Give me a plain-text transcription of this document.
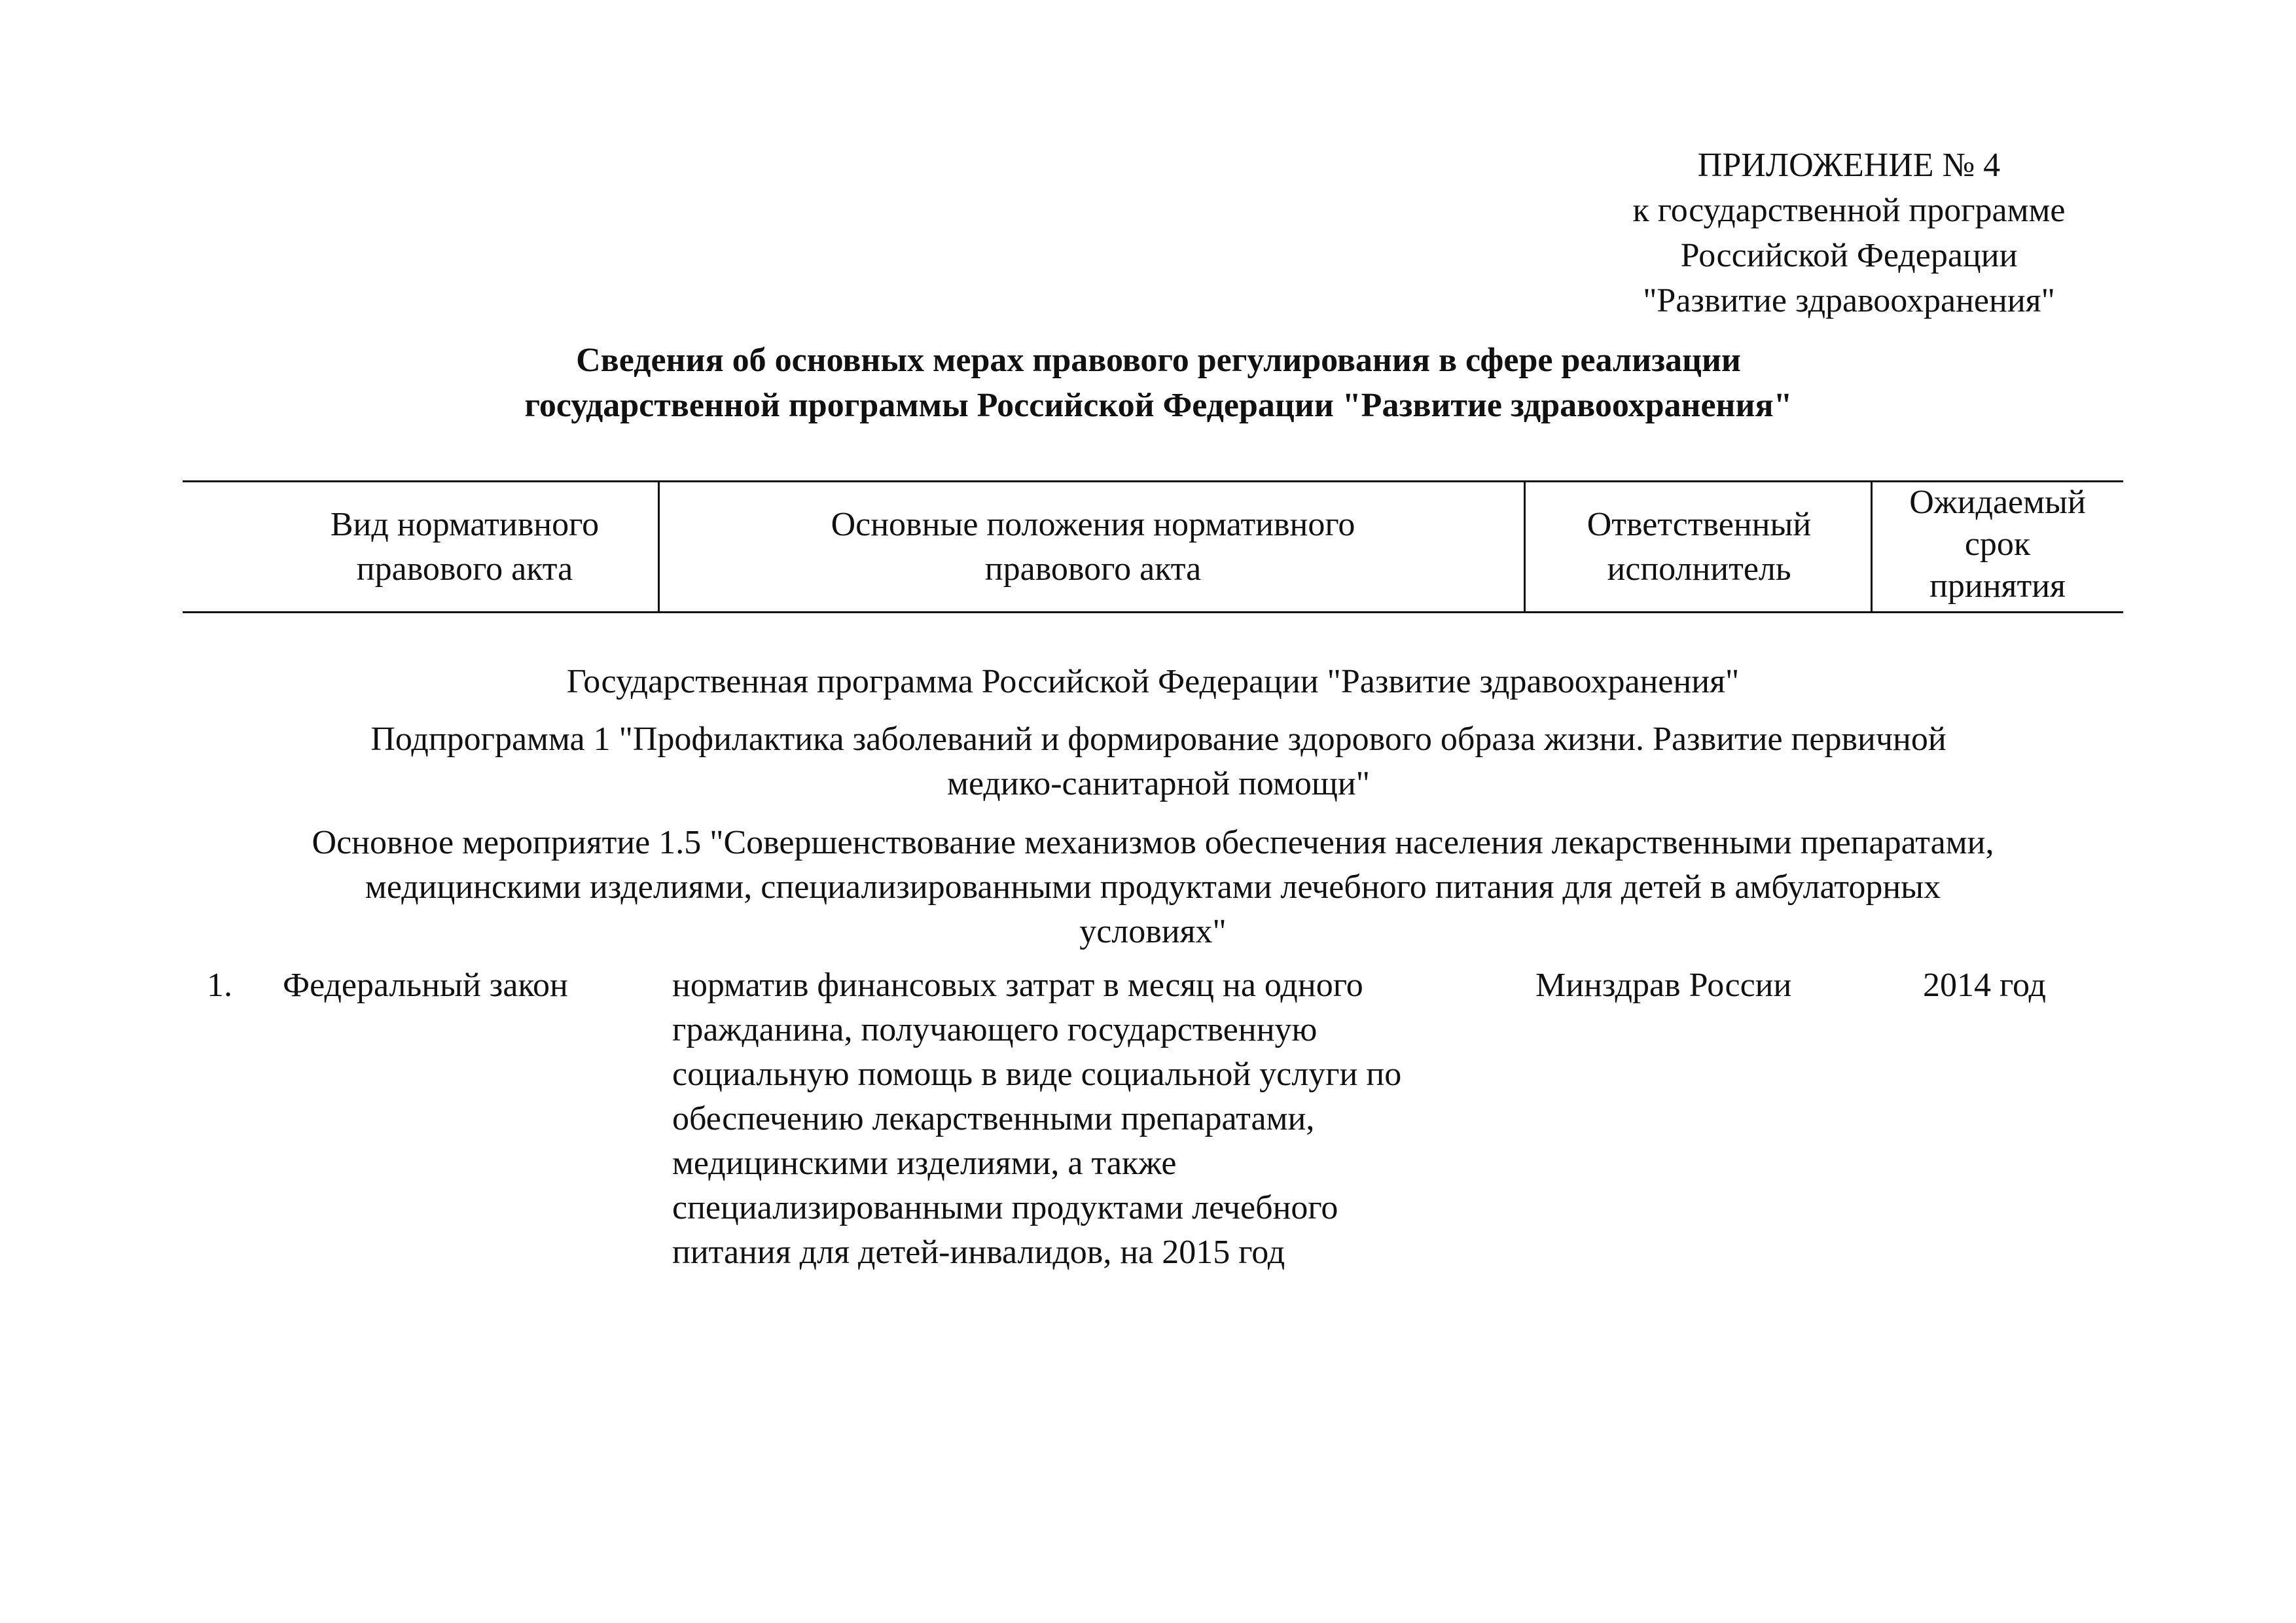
ПРИЛОЖЕНИЕ № 4
к государственной программе
Российской Федерации
"Развитие здравоохранения"
Сведения об основных мерах правового регулирования в сфере реализации
государственной программы Российской Федерации "Развитие здравоохранения"
Вид нормативного
правового акта
Основные положения нормативного
правового акта
Ответственный
исполнитель
Ожидаемый
срок
принятия
Государственная программа Российской Федерации "Развитие здравоохранения"
Подпрограмма 1 "Профилактика заболеваний и формирование здорового образа жизни. Развитие первичной
медико-санитарной помощи"
Основное мероприятие 1.5 "Совершенствование механизмов обеспечения населения лекарственными препаратами,
медицинскими изделиями, специализированными продуктами лечебного питания для детей в амбулаторных
условиях"
1. Федеральный закон	норматив финансовых затрат в месяц на одного
гражданина, получающего государственную
социальную помощь в виде социальной услуги по
обеспечению лекарственными препаратами,
медицинскими изделиями, а также
специализированными продуктами лечебного
питания для детей-инвалидов, на 2015 год
Минздрав России	2014 год
